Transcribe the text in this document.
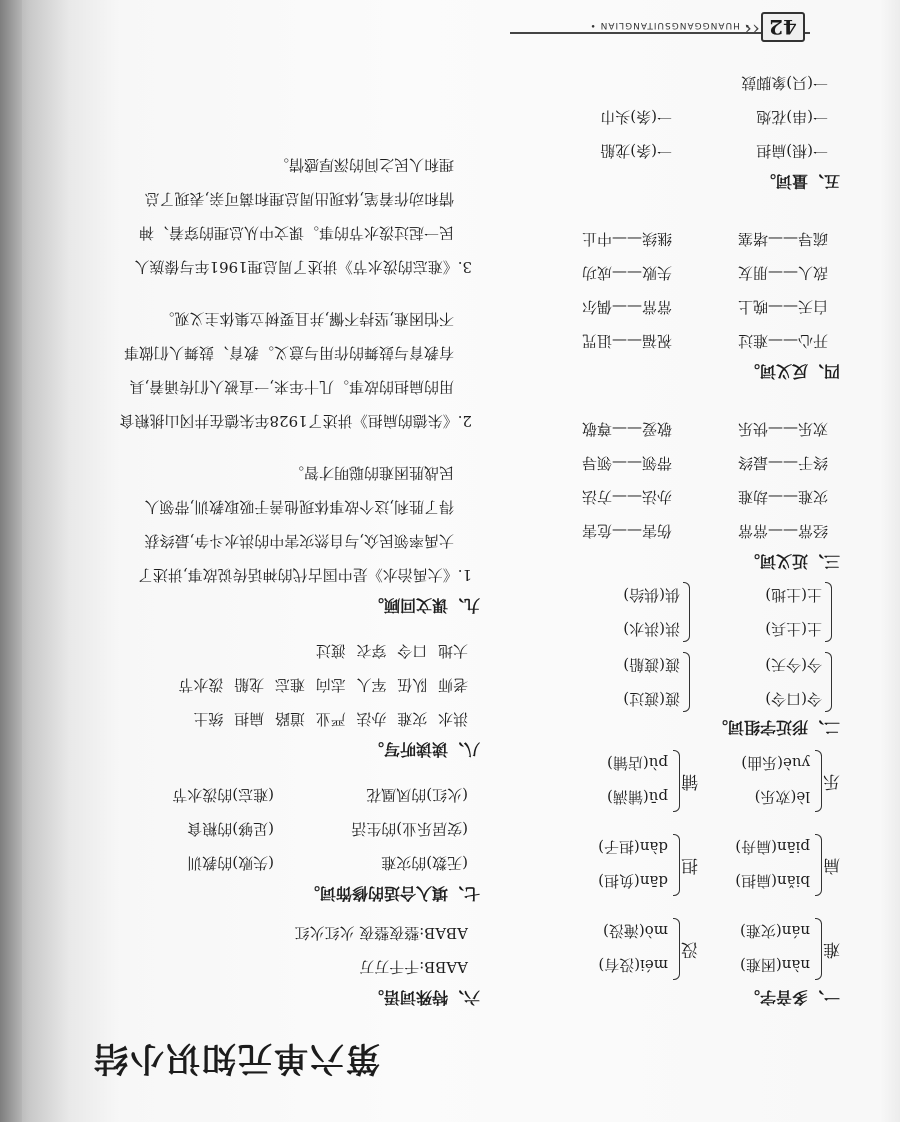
42
‹‹
• HUANGGANGSUITANGLIAN •
第六单元知识小结
一、多音字。
难
nàn(困难)
nán(灾难)
没
méi(没有)
mò(淹没)
扁
biǎn(扁担)
piān(扁舟)
担
dān(负担)
dàn(担子)
乐
lè(欢乐)
yuè(乐曲)
铺
pū(铺满)
pù(店铺)
二、形近字组词。
令(口令)
今(今天)
渡(渡过)
渡(渡船)
土(土兵)
土(土地)
洪(洪水)
供(供给)
三、近义词。
经常——常常
伤害——危害
灾难——劫难
办法——方法
终于——最终
带领——领导
欢乐——快乐
敬爱——尊敬
四、反义词。
开心——难过
祝福——诅咒
白天——晚上
常常——偶尔
敌人——朋友
失败——成功
疏导——堵塞
继续——中止
五、量词。
一(根)扁担
一(条)龙船
一(串)花炮
一(条)头巾
一(只)象脚鼓
六、特殊词语。
AABB:千千万万
ABAB:整夜整夜 火红火红
七、填入合适的修饰词。
(无数)的灾难
(失败)的教训
(安居乐业)的生活
(足够)的粮食
(火红)的凤凰花
(难忘)的泼水节
八、读读听写。
洪水 灾难 办法 严业 道路 扁担 统土
老师 队伍 军人 志向 难忘 龙船 泼水节
大地 口令 穿衣 渡过
九、课文回顾。
1.《大禹治水》是中国古代的神话传说故事,讲述了
大禹率领民众,与自然灾害中的洪水斗争,最终获
得了胜利,这个故事体现他善于吸取教训,带领人
民战胜困难的聪明才智。
2.《朱德的扁担》讲述了1928年朱德在井冈山挑粮食
用的扁担的故事。几十年来,一直被人们传诵着,具
有教育与鼓舞的作用与意义。教育、鼓舞人们做事
不怕困难,坚持不懈,并且要树立集体主义观。
3.《难忘的泼水节》讲述了周总理1961年与傣族人
民一起过泼水节的事。课文中从总理的穿着、神
情和动作着笔,体现出周总理和蔼可亲,表现了总
理和人民之间的深厚感情。
